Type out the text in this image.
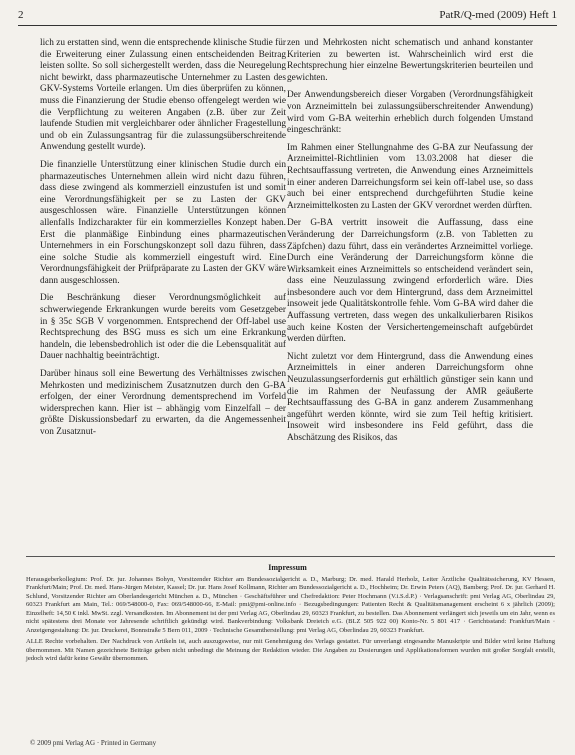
2	PatR/Q-med (2009) Heft 1

lich zu erstatten sind, wenn die entsprechende klinische Studie für die Erweiterung einer Zulassung einen entscheidenden Beitrag leisten sollte. So soll sichergestellt werden, dass die Neuregelung nicht bewirkt, dass pharmazeutische Unternehmer zu Lasten des GKV-Systems Vorteile erlangen. Um dies überprüfen zu können, muss die Finanzierung der Studie ebenso offengelegt werden wie die Verpflichtung zu weiteren Angaben (z.B. über zur Zeit laufende Studien mit vergleichbarer oder ähnlicher Fragestellung und ob ein Zulassungsantrag für die zulassungsüberschreitende Anwendung gestellt wurde).

Die finanzielle Unterstützung einer klinischen Studie durch ein pharmazeutisches Unternehmen allein wird nicht dazu führen, dass diese zwingend als kommerziell einzustufen ist und somit eine Verordnungsfähigkeit per se zu Lasten der GKV ausgeschlossen wäre. Finanzielle Unterstützungen können allenfalls Indizcharakter für ein kommerzielles Konzept haben. Erst die planmäßige Einbindung eines pharmazeutischen Unternehmers in ein Forschungskonzept soll dazu führen, dass eine solche Studie als kommerziell eingestuft wird. Eine Verordnungsfähigkeit der Prüfpräparate zu Lasten der GKV wäre dann ausgeschlossen.

Die Beschränkung dieser Verordnungsmöglichkeit auf schwerwiegende Erkrankungen wurde bereits vom Gesetzgeber in § 35c SGB V vorgenommen. Entsprechend der Off-label use Rechtsprechung des BSG muss es sich um eine Erkrankung handeln, die lebensbedrohlich ist oder die die Lebensqualität auf Dauer nachhaltig beeinträchtigt.

Darüber hinaus soll eine Bewertung des Verhältnisses zwischen Mehrkosten und medizinischem Zusatznutzen durch den G-BA erfolgen, der einer Verordnung dementsprechend im Vorfeld widersprechen kann. Hier ist – abhängig vom Einzelfall – der größte Diskussionsbedarf zu erwarten, da die Angemessenheit von Zusatznut-

zen und Mehrkosten nicht schematisch und anhand konstanter Kriterien zu bewerten ist. Wahrscheinlich wird erst die Rechtsprechung hier einzelne Bewertungskriterien beurteilen und gewichten.

Der Anwendungsbereich dieser Vorgaben (Verordnungsfähigkeit von Arzneimitteln bei zulassungsüberschreitender Anwendung) wird vom G-BA weiterhin erheblich durch folgenden Umstand eingeschränkt:

Im Rahmen einer Stellungnahme des G-BA zur Neufassung der Arzneimittel-Richtlinien vom 13.03.2008 hat dieser die Rechtsauffassung vertreten, die Anwendung eines Arzneimittels in einer anderen Darreichungsform sei kein off-label use, so dass auch bei einer entsprechend durchgeführten Studie keine Arzneimittelkosten zu Lasten der GKV verordnet werden dürften.

Der G-BA vertritt insoweit die Auffassung, dass eine Veränderung der Darreichungsform (z.B. von Tabletten zu Zäpfchen) dazu führt, dass ein verändertes Arzneimittel vorliege. Durch eine Veränderung der Darreichungsform könne die Wirksamkeit eines Arzneimittels so entscheidend verändert sein, dass eine Neuzulassung zwingend erforderlich wäre. Dies insbesondere auch vor dem Hintergrund, dass dem Arzneimittel insoweit jede Qualitätskontrolle fehle. Vom G-BA wird daher die Auffassung vertreten, dass wegen des unkalkulierbaren Risikos auch keine Kosten der Versichertengemeinschaft aufgebürdet werden dürften.

Nicht zuletzt vor dem Hintergrund, dass die Anwendung eines Arzneimittels in einer anderen Darreichungsform ohne Neuzulassungserfordernis gut erhältlich günstiger sein kann und die im Rahmen der Neufassung der AMR geäußerte Rechtsauffassung des G-BA in ganz anderem Zusammenhang angeführt werden könnte, wird sie zum Teil heftig kritisiert. Insoweit wird insbesondere ins Feld geführt, dass die Abschätzung des Risikos, das

Impressum

Herausgeberkollegium: Prof. Dr. jur. Johannes Bohyn, Vorsitzender Richter am Bundessozialgericht a. D., Marburg; Dr. med. Harald Herholz, Leiter Ärztliche Qualitätssicherung, KV Hessen, Frankfurt/Main; Prof. Dr. med. Hans-Jürgen Meister, Kassel; Dr. jur. Hans Josef Kollmann, Richter am Bundessozialgericht a. D., Hochheim; Dr. Erwin Peters (AQ), Bamberg; Prof. Dr. jur. Gerhard H. Schlund, Vorsitzender Richter am Oberlandesgericht München a. D., München · Geschäftsführer und Chefredaktion: Peter Hochmann (V.i.S.d.P.) · Verlagsanschrift: pmi Verlag AG, Oberlindau 29, 60323 Frankfurt am Main, Tel.: 069/548000-0, Fax: 069/548000-66, E-Mail: pmi@pmi-online.info · Bezugsbedingungen: Patienten Recht & Qualitätsmanagement erscheint 6 x jährlich (2009); Einzelheft: 14,50 € inkl. MwSt. zzgl. Versandkosten. Im Abonnement ist der pmi Verlag AG, Oberlindau 29, 60323 Frankfurt, zu bestellen. Das Abonnement verlängert sich jeweils um ein Jahr, wenn es nicht spätestens drei Monate vor Jahresende schriftlich gekündigt wird. Bankverbindung: Volksbank Dreieich e.G. (BLZ 505 922 00) Konto-Nr. 5 801 417 · Gerichtsstand: Frankfurt/Main · Anzeigengestaltung: Dr. jur. Druckerei, Bonnstraße 5 Bern 011, 2009 · Technische Gesamtherstellung: pmi Verlag AG, Oberlindau 29, 60323 Frankfurt.

ALLE Rechte vorbehalten. Der Nachdruck von Artikeln ist, auch auszugsweise, nur mit Genehmigung des Verlags gestattet. Für unverlangt eingesandte Manuskripte und Bilder wird keine Haftung übernommen. Mit Namen gezeichnete Beiträge geben nicht unbedingt die Meinung der Redaktion wieder. Die Angaben zu Dosierungen und Applikationsformen wurden mit großer Sorgfalt erstellt, jedoch wird dafür keine Gewähr übernommen.

© 2009 pmi Verlag AG · Printed in Germany
